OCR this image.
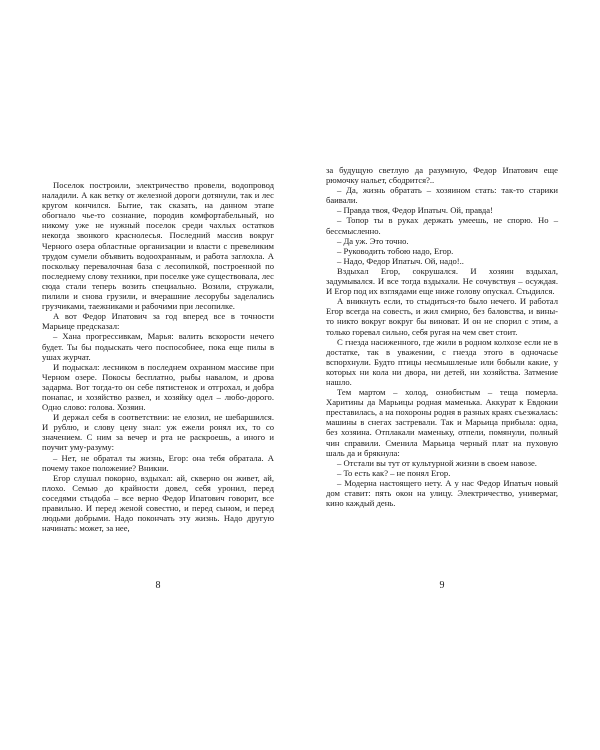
Поселок построили, электричество провели, водопровод наладили. А как ветку от железной дороги дотянули, так и лес кругом кончился. Бытие, так сказать, на данном этапе обогнало чье-то сознание, породив комфортабельный, но никому уже не нужный поселок среди чахлых остатков некогда звонкого краснолесья. Последний массив вокруг Черного озера областные организации и власти с превеликим трудом сумели объявить водоохранным, и работа заглохла. А поскольку перевалочная база с лесопилкой, построенной по последнему слову техники, при поселке уже существовала, лес сюда стали теперь возить специально. Возили, стружали, пилили и снова грузили, и вчерашние лесорубы заделались грузчиками, таежниками и рабочими при лесопилке.

А вот Федор Ипатович за год вперед все в точности Марьице предсказал:

– Хана прогрессивкам, Марья: валить вскорости нечего будет. Ты бы подыскать чего поспособнее, пока еще пилы в ушах журчат.

И подыскал: лесником в последнем охранном массиве при Черном озере. Покосы бесплатно, рыбы навалом, и дрова задарма. Вот тогда-то он себе пятистенок и отгрохал, и добра понапас, и хозяйство развел, и хозяйку одел – любо-дорого. Одно слово: голова. Хозяин.

И держал себя в соответствии: не елозил, не шебаршился. И рублю, и слову цену знал: уж ежели ронял их, то со значением. С ним за вечер и рта не раскроешь, а иного и поучит уму-разуму:

– Нет, не обратал ты жизнь, Егор: она тебя обратала. А почему такое положение? Вникни.

Егор слушал покорно, вздыхал: ай, скверно он живет, ай, плохо. Семью до крайности довел, себя уронил, перед соседями стыдоба – все верно Федор Ипатович говорит, все правильно. И перед женой совестно, и перед сыном, и перед людьми добрыми. Надо покончать эту жизнь. Надо другую начинать: может, за нее,

8

за будущую светлую да разумную, Федор Ипатович еще рюмочку нальет, сбодрится?..

– Да, жизнь обратать – хозяином стать: так-то старики баивали.

– Правда твоя, Федор Ипатыч. Ой, правда!

– Топор ты в руках держать умеешь, не спорю. Но – бессмысленно.

– Да уж. Это точно.

– Руководить тобою надо, Егор.

– Надо, Федор Ипатыч. Ой, надо!..

Вздыхал Егор, сокрушался. И хозяин вздыхал, задумывался. И все тогда вздыхали. Не сочувствуя – осуждая. И Егор под их взглядами еще ниже голову опускал. Стыдился.

А вникнуть если, то стыдиться-то было нечего. И работал Егор всегда на совесть, и жил смирно, без баловства, и вины-то никто вокруг вокруг бы виноват. И он не спорил с этим, а только горевал сильно, себя ругая на чем свет стоит.

С гнезда насиженного, где жили в родном колхозе если не в достатке, так в уважении, с гнезда этого в одночасье вспорхнули. Будто птицы несмышленые или бобыли какие, у которых ни кола ни двора, ни детей, ни хозяйства. Затмение нашло.

Тем мартом – холод, ознобистым – теща померла. Харитины да Марьицы родная маменька. Аккурат к Евдокии преставилась, а на похороны родня в разных краях съезжалась: машины в снегах застревали. Так и Марьица прибыла: одна, без хозяина. Отплакали маменьку, отпели, помянули, полный чин справили. Сменила Марьица черный плат на пуховую шаль да и брякнула:

– Отстали вы тут от культурной жизни в своем навозе.

– То есть как? – не понял Егор.

– Модерна настоящего нету. А у нас Федор Ипатыч новый дом ставит: пять окон на улицу. Электричество, универмаг, кино каждый день.

9
